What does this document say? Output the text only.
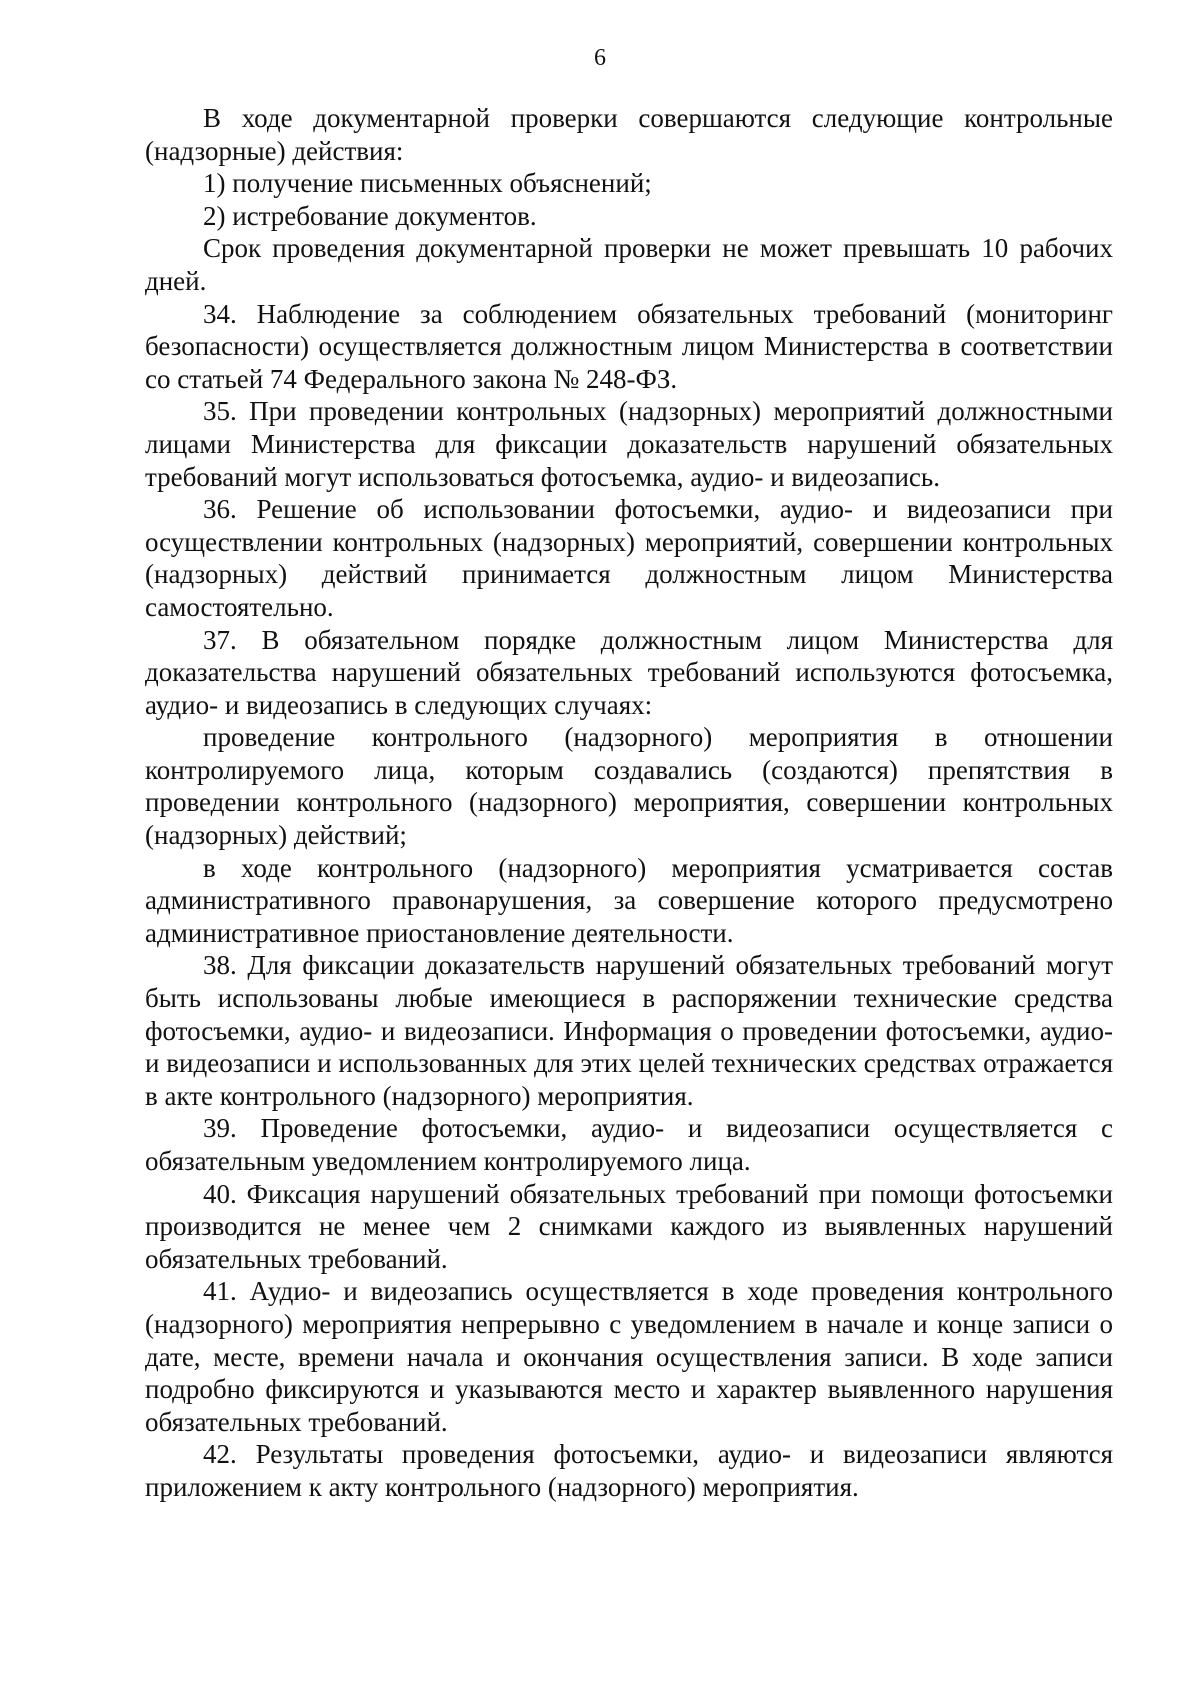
6

В ходе документарной проверки совершаются следующие контрольные (надзорные) действия:

1) получение письменных объяснений;

2) истребование документов.

Срок проведения документарной проверки не может превышать 10 рабочих дней.

34. Наблюдение за соблюдением обязательных требований (мониторинг безопасности) осуществляется должностным лицом Министерства в соответствии со статьей 74 Федерального закона № 248-ФЗ.

35. При проведении контрольных (надзорных) мероприятий должностными лицами Министерства для фиксации доказательств нарушений обязательных требований могут использоваться фотосъемка, аудио- и видеозапись.

36. Решение об использовании фотосъемки, аудио- и видеозаписи при осуществлении контрольных (надзорных) мероприятий, совершении контрольных (надзорных) действий принимается должностным лицом Министерства самостоятельно.

37. В обязательном порядке должностным лицом Министерства для доказательства нарушений обязательных требований используются фотосъемка, аудио- и видеозапись в следующих случаях:

проведение контрольного (надзорного) мероприятия в отношении контролируемого лица, которым создавались (создаются) препятствия в проведении контрольного (надзорного) мероприятия, совершении контрольных (надзорных) действий;

в ходе контрольного (надзорного) мероприятия усматривается состав административного правонарушения, за совершение которого предусмотрено административное приостановление деятельности.

38. Для фиксации доказательств нарушений обязательных требований могут быть использованы любые имеющиеся в распоряжении технические средства фотосъемки, аудио- и видеозаписи. Информация о проведении фотосъемки, аудио- и видеозаписи и использованных для этих целей технических средствах отражается в акте контрольного (надзорного) мероприятия.

39. Проведение фотосъемки, аудио- и видеозаписи осуществляется с обязательным уведомлением контролируемого лица.

40. Фиксация нарушений обязательных требований при помощи фотосъемки производится не менее чем 2 снимками каждого из выявленных нарушений обязательных требований.

41. Аудио- и видеозапись осуществляется в ходе проведения контрольного (надзорного) мероприятия непрерывно с уведомлением в начале и конце записи о дате, месте, времени начала и окончания осуществления записи. В ходе записи подробно фиксируются и указываются место и характер выявленного нарушения обязательных требований.

42. Результаты проведения фотосъемки, аудио- и видеозаписи являются приложением к акту контрольного (надзорного) мероприятия.
